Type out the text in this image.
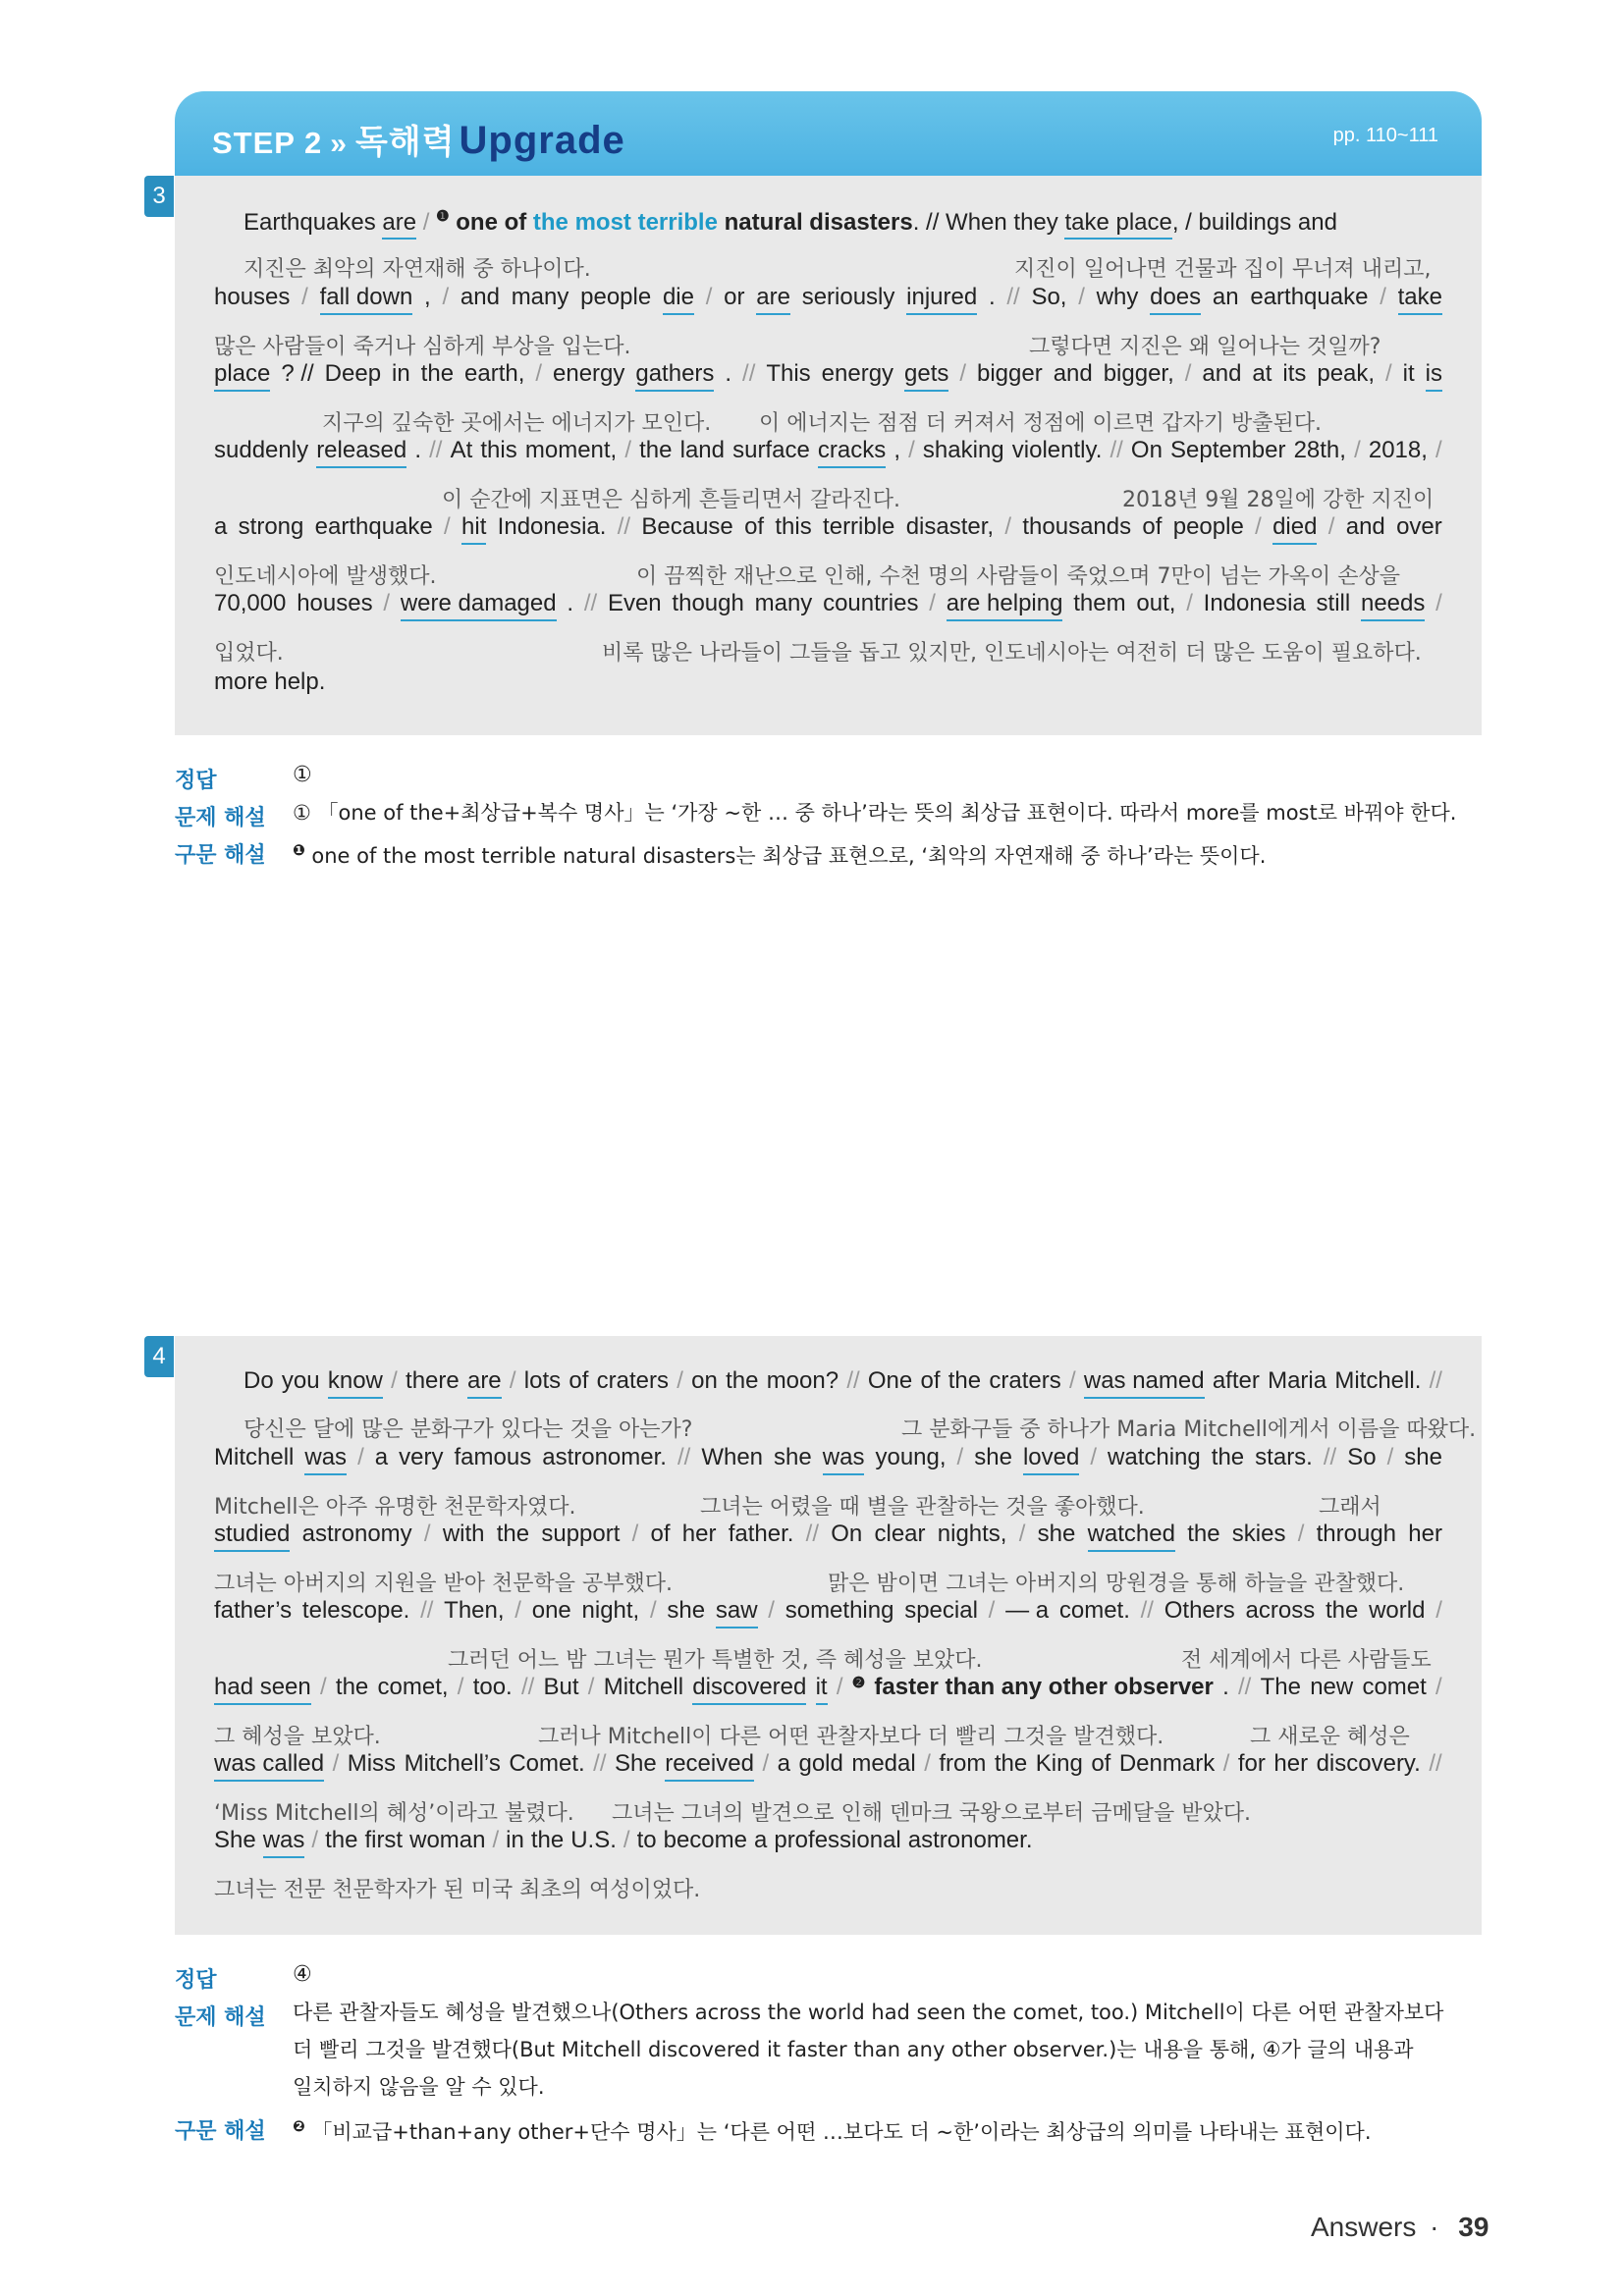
STEP 2 » 독해력 Upgrade	pp. 110~111
3
Earthquakes are / $^❶$ one of the most terrible natural disasters. // When they take place, / buildings and
지진은 최악의 자연재해 중 하나이다.	지진이 일어나면 건물과 집이 무너져 내리고,
houses / fall down , / and many people die / or are seriously injured . // So, / why does an earthquake / take
많은 사람들이 죽거나 심하게 부상을 입는다.	그렇다면 지진은 왜 일어나는 것일까?
place ? // Deep in the earth, / energy gathers . // This energy gets / bigger and bigger, / and at its peak, / it is
지구의 깊숙한 곳에서는 에너지가 모인다. 이 에너지는 점점 더 커져서 정점에 이르면 갑자기 방출된다.
suddenly released . // At this moment, / the land surface cracks , / shaking violently. // On September 28th, / 2018, /
이 순간에 지표면은 심하게 흔들리면서 갈라진다.	2018년 9월 28일에 강한 지진이
a strong earthquake / hit Indonesia. // Because of this terrible disaster, / thousands of people / died / and over
인도네시아에 발생했다.	이 끔찍한 재난으로 인해, 수천 명의 사람들이 죽었으며 7만이 넘는 가옥이 손상을
70,000 houses / were damaged . // Even though many countries / are helping them out, / Indonesia still needs /
입었다.	비록 많은 나라들이 그들을 돕고 있지만, 인도네시아는 여전히 더 많은 도움이 필요하다.
more help.
정답	①
문제 해설 ① 「one of the+최상급+복수 명사」는 ‘가장 ~한 … 중 하나’라는 뜻의 최상급 표현이다. 따라서 more를 most로 바꿔야 한다.
구문 해설 $^❶$ one of the most terrible natural disasters는 최상급 표현으로, ‘최악의 자연재해 중 하나’라는 뜻이다.
4
Do you know / there are / lots of craters / on the moon? // One of the craters / was named after Maria Mitchell. //
당신은 달에 많은 분화구가 있다는 것을 아는가?	그 분화구들 중 하나가 Maria Mitchell에게서 이름을 따왔다.
Mitchell was / a very famous astronomer. // When she was young, / she loved / watching the stars. // So / she
Mitchell은 아주 유명한 천문학자였다.	그녀는 어렸을 때 별을 관찰하는 것을 좋아했다.	그래서
studied astronomy / with the support / of her father. // On clear nights, / she watched the skies / through her
그녀는 아버지의 지원을 받아 천문학을 공부했다.	맑은 밤이면 그녀는 아버지의 망원경을 통해 하늘을 관찰했다.
father’s telescope. // Then, / one night, / she saw / something special / — a comet. // Others across the world /
그러던 어느 밤 그녀는 뭔가 특별한 것, 즉 혜성을 보았다.	전 세계에서 다른 사람들도
had seen / the comet, / too. // But / Mitchell discovered it / ❷ faster than any other observer . // The new comet /
그 혜성을 보았다.	그러나 Mitchell이 다른 어떤 관찰자보다 더 빨리 그것을 발견했다.	그 새로운 혜성은
was called / Miss Mitchell’s Comet. // She received / a gold medal / from the King of Denmark / for her discovery. //
‘Miss Mitchell의 혜성’이라고 불렸다. 그녀는 그녀의 발견으로 인해 덴마크 국왕으로부터 금메달을 받았다.
She was / the first woman / in the U.S. / to become a professional astronomer.
그녀는 전문 천문학자가 된 미국 최초의 여성이었다.
정답	④
문제 해설 다른 관찰자들도 혜성을 발견했으나(Others across the world had seen the comet, too.) Mitchell이 다른 어떤 관찰자보다
더 빨리 그것을 발견했다(But Mitchell discovered it faster than any other observer.)는 내용을 통해, ④가 글의 내용과
일치하지 않음을 알 수 있다.
구문 해설 $^❷$ 「비교급+than+any other+단수 명사」는 ‘다른 어떤 …보다도 더 ~한’이라는 최상급의 의미를 나타내는 표현이다.
Answers · 39
